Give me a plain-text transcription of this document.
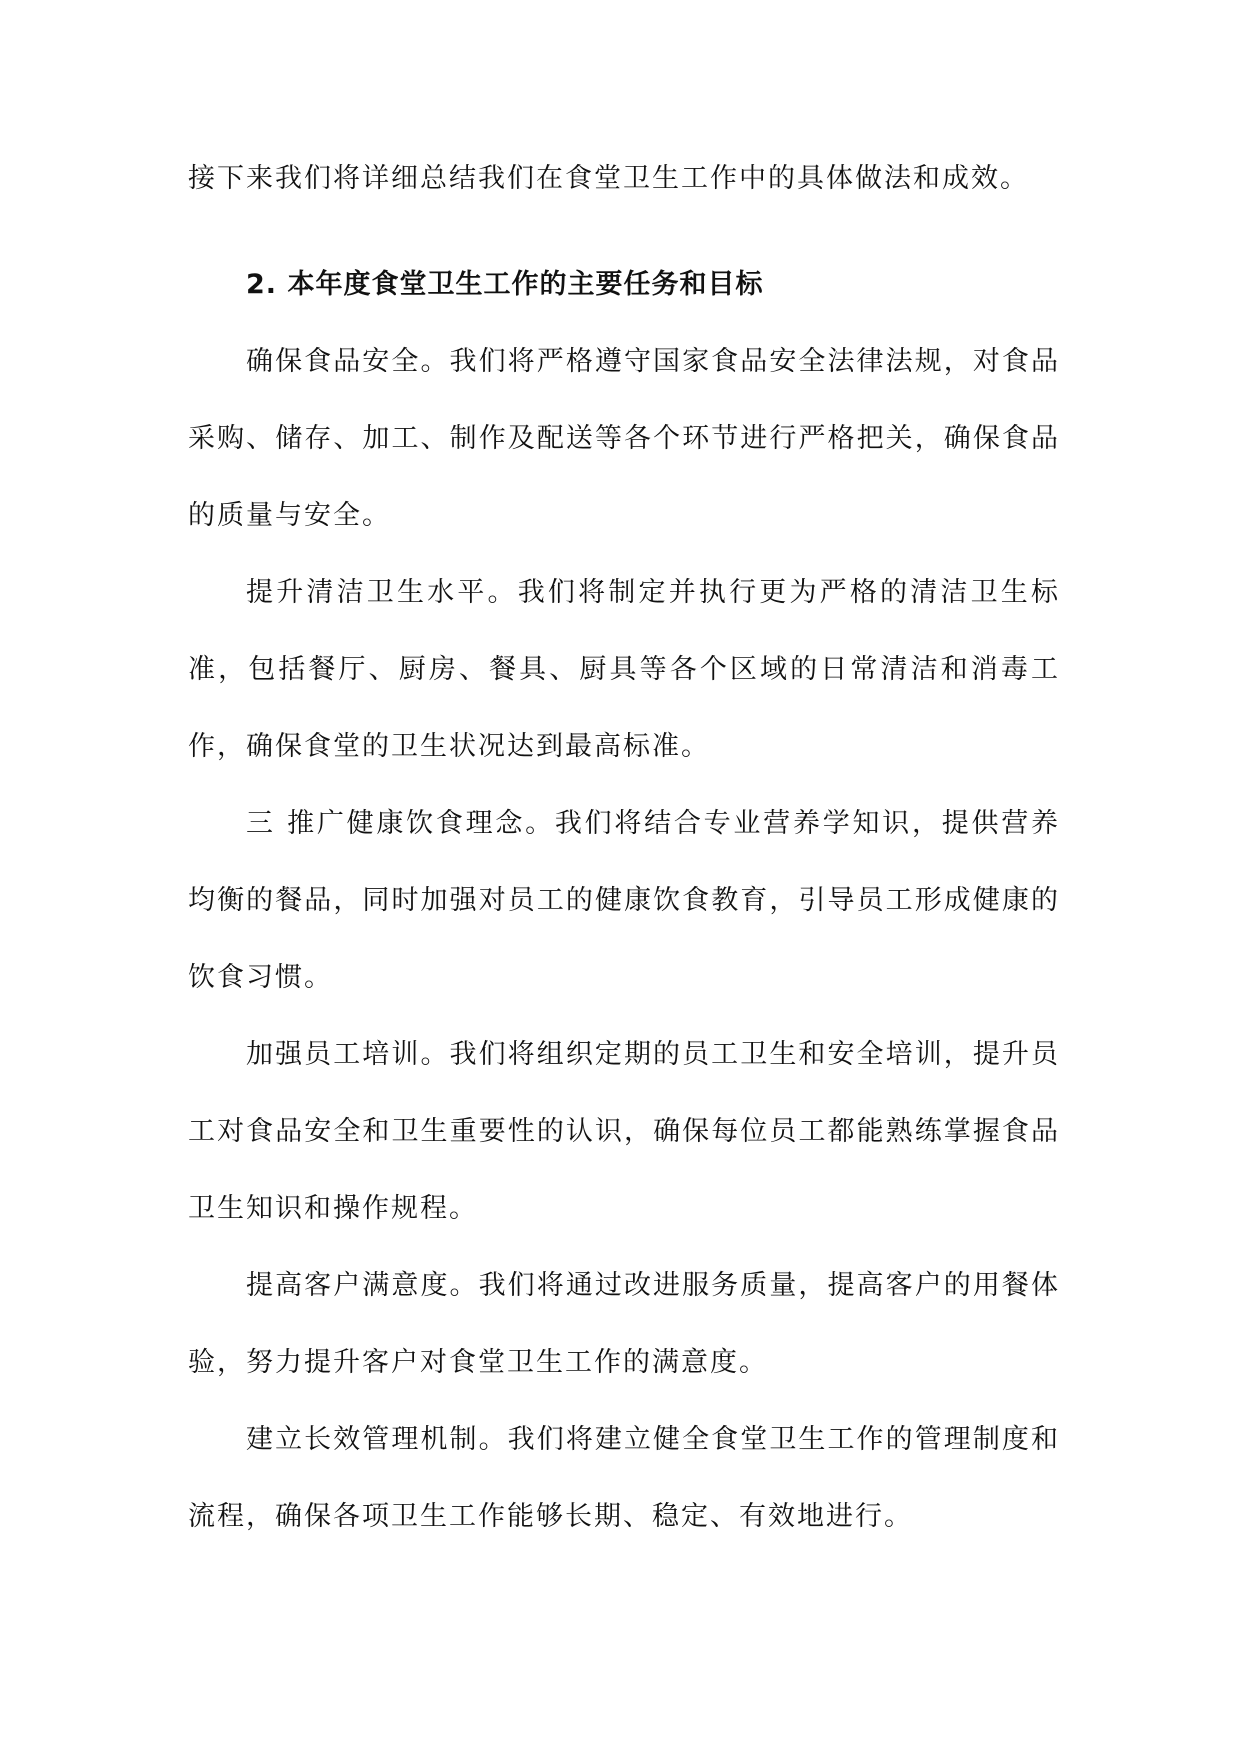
接下来我们将详细总结我们在食堂卫生工作中的具体做法和成效。

2. 本年度食堂卫生工作的主要任务和目标

确保食品安全。我们将严格遵守国家食品安全法律法规，对食品采购、储存、加工、制作及配送等各个环节进行严格把关，确保食品的质量与安全。

提升清洁卫生水平。我们将制定并执行更为严格的清洁卫生标准，包括餐厅、厨房、餐具、厨具等各个区域的日常清洁和消毒工作，确保食堂的卫生状况达到最高标准。

三 推广健康饮食理念。我们将结合专业营养学知识，提供营养均衡的餐品，同时加强对员工的健康饮食教育，引导员工形成健康的饮食习惯。

加强员工培训。我们将组织定期的员工卫生和安全培训，提升员工对食品安全和卫生重要性的认识，确保每位员工都能熟练掌握食品卫生知识和操作规程。

提高客户满意度。我们将通过改进服务质量，提高客户的用餐体验，努力提升客户对食堂卫生工作的满意度。

建立长效管理机制。我们将建立健全食堂卫生工作的管理制度和流程，确保各项卫生工作能够长期、稳定、有效地进行。
